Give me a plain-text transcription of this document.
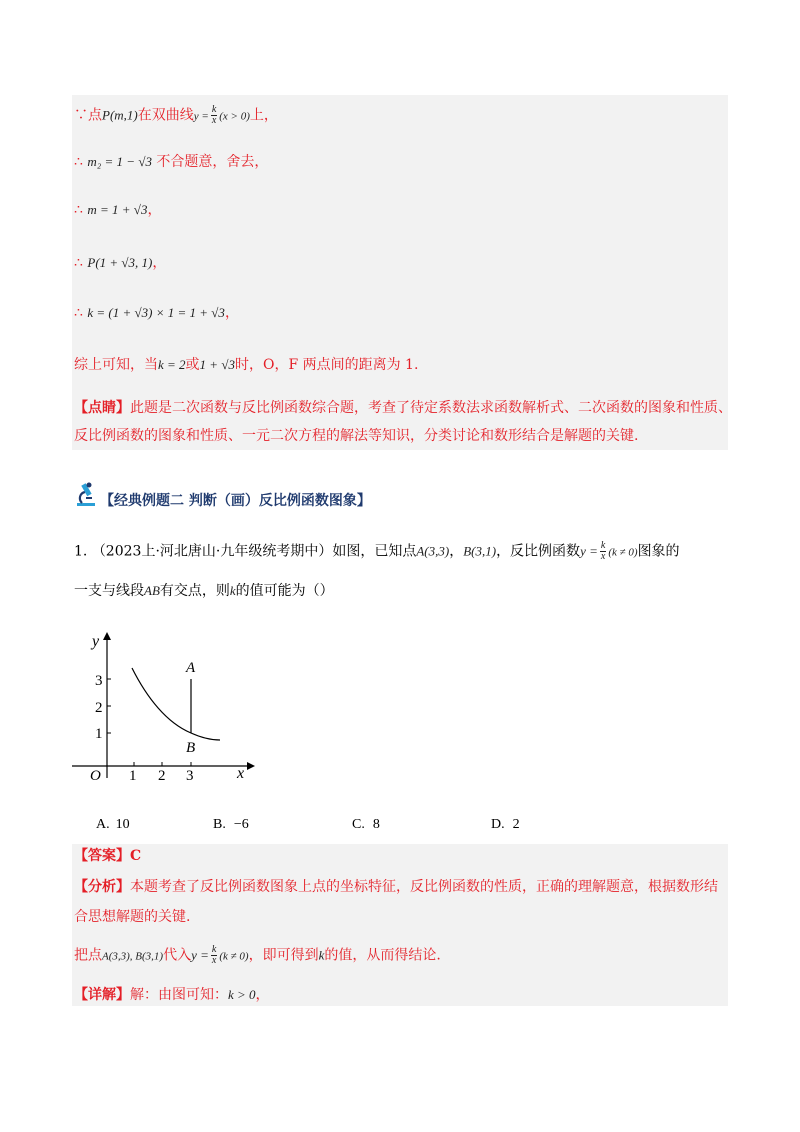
∵点P(m,1)在双曲线$y = \frac{k}{x} (x > 0)$上，
∴ m₂ = 1 − √3 不合题意，舍去，
∴ m = 1 + √3，
∴ P(1 + √3, 1)，
∴ k = (1 + √3) × 1 = 1 + √3，
综上可知，当k = 2或1 + √3时，O，F 两点间的距离为 1.
【点睛】此题是二次函数与反比例函数综合题，考查了待定系数法求函数解析式、二次函数的图象和性质、
反比例函数的图象和性质、一元二次方程的解法等知识，分类讨论和数形结合是解题的关键.
【经典例题二 判断（画）反比例函数图象】
1. （2023上·河北唐山·九年级统考期中）如图，已知点A(3,3)，B(3,1)，反比例函数$y = \frac{k}{x} (k \ne 0)$图象的
一支与线段AB有交点，则k的值可能为（）
y
x
O
1
2
3
1 2 3
A
B
A. 10	B. −6	C. 8	D. 2
【答案】C
【分析】本题考查了反比例函数图象上点的坐标特征，反比例函数的性质，正确的理解题意，根据数形结
合思想解题的关键.
把点A(3,3), B(3,1)代入$y = \frac{k}{x} (k \ne 0)$，即可得到k的值，从而得结论.
【详解】解：由图可知：k > 0，
